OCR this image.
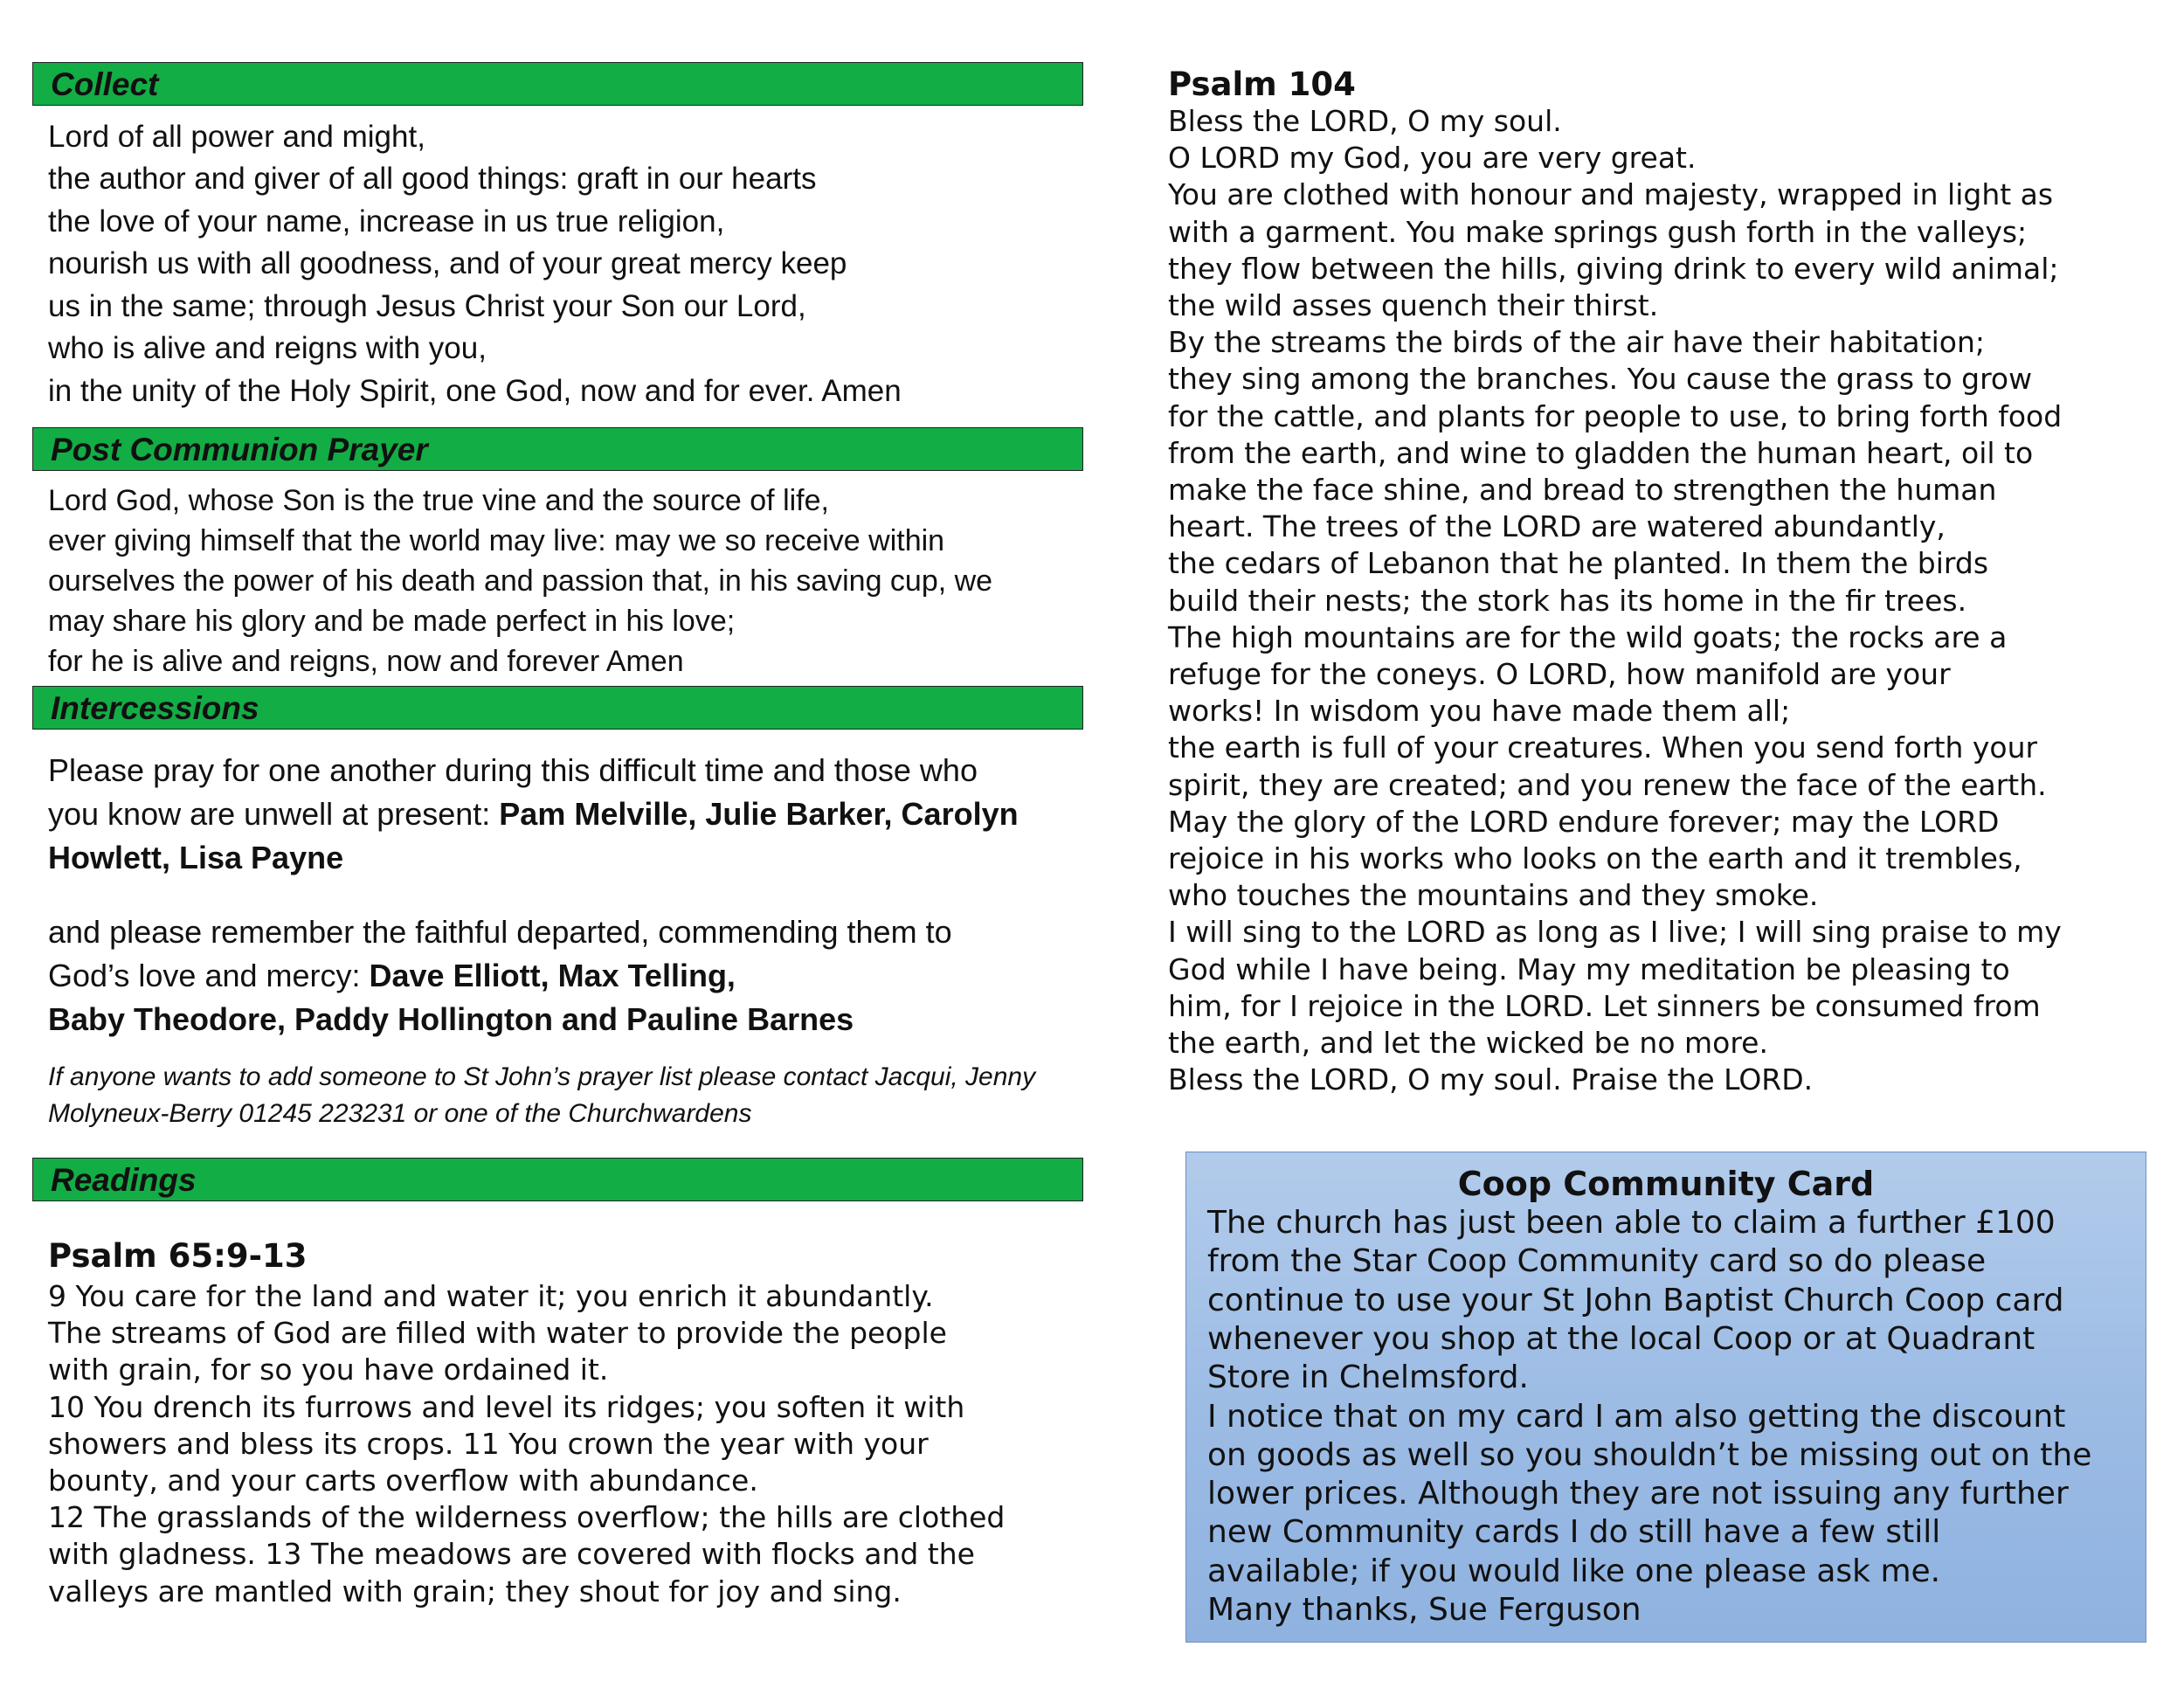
Collect
Lord of all power and might,
the author and giver of all good things: graft in our hearts
the love of your name, increase in us true religion,
nourish us with all goodness, and of your great mercy keep
us in the same; through Jesus Christ your Son our Lord,
who is alive and reigns with you,
in the unity of the Holy Spirit, one God, now and for ever. Amen
Post Communion Prayer
Lord God, whose Son is the true vine and the source of life,
ever giving himself that the world may live: may we so receive within
ourselves the power of his death and passion that, in his saving cup, we
may share his glory and be made perfect in his love;
for he is alive and reigns, now and forever Amen
Intercessions
Please pray for one another during this difficult time and those who
you know are unwell at present: Pam Melville, Julie Barker, Carolyn
Howlett, Lisa Payne
and please remember the faithful departed, commending them to
God’s love and mercy: Dave Elliott, Max Telling,
Baby Theodore, Paddy Hollington and Pauline Barnes
If anyone wants to add someone to St John’s prayer list please contact Jacqui, Jenny
Molyneux-Berry 01245 223231 or one of the Churchwardens
Readings
Psalm 65:9-13
9 You care for the land and water it; you enrich it abundantly.
The streams of God are filled with water to provide the people
with grain, for so you have ordained it.
10 You drench its furrows and level its ridges; you soften it with
showers and bless its crops. 11 You crown the year with your
bounty, and your carts overflow with abundance.
12 The grasslands of the wilderness overflow; the hills are clothed
with gladness. 13 The meadows are covered with flocks and the
valleys are mantled with grain; they shout for joy and sing.
Psalm 104
Bless the LORD, O my soul.
O LORD my God, you are very great.
You are clothed with honour and majesty, wrapped in light as
with a garment. You make springs gush forth in the valleys;
they flow between the hills, giving drink to every wild animal;
the wild asses quench their thirst.
By the streams the birds of the air have their habitation;
they sing among the branches. You cause the grass to grow
for the cattle, and plants for people to use, to bring forth food
from the earth, and wine to gladden the human heart, oil to
make the face shine, and bread to strengthen the human
heart. The trees of the LORD are watered abundantly,
the cedars of Lebanon that he planted. In them the birds
build their nests; the stork has its home in the fir trees.
The high mountains are for the wild goats; the rocks are a
refuge for the coneys. O LORD, how manifold are your
works! In wisdom you have made them all;
the earth is full of your creatures. When you send forth your
spirit, they are created; and you renew the face of the earth.
May the glory of the LORD endure forever; may the LORD
rejoice in his works who looks on the earth and it trembles,
who touches the mountains and they smoke.
I will sing to the LORD as long as I live; I will sing praise to my
God while I have being. May my meditation be pleasing to
him, for I rejoice in the LORD. Let sinners be consumed from
the earth, and let the wicked be no more.
Bless the LORD, O my soul. Praise the LORD.
Coop Community Card
The church has just been able to claim a further £100
from the Star Coop Community card so do please
continue to use your St John Baptist Church Coop card
whenever you shop at the local Coop or at Quadrant
Store in Chelmsford.
I notice that on my card I am also getting the discount
on goods as well so you shouldn’t be missing out on the
lower prices. Although they are not issuing any further
new Community cards I do still have a few still
available; if you would like one please ask me.
Many thanks, Sue Ferguson
